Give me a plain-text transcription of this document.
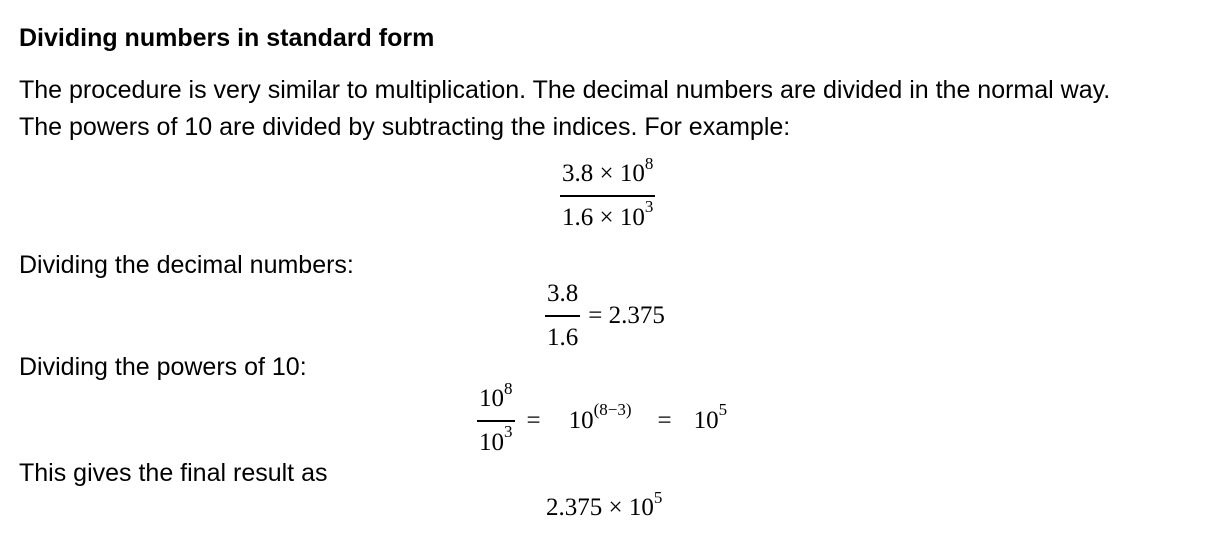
Dividing numbers in standard form
The procedure is very similar to multiplication. The decimal numbers are divided in the normal way.
The powers of 10 are divided by subtracting the indices. For example:
$\frac{3.8 \times 10^8}{1.6 \times 10^3}$
Dividing the decimal numbers:
$\frac{3.8}{1.6} = 2.375$
Dividing the powers of 10:
$\frac{10^8}{10^3} = 10^{(8-3)} = 10^5$
This gives the final result as
$2.375 \times 10^5$
